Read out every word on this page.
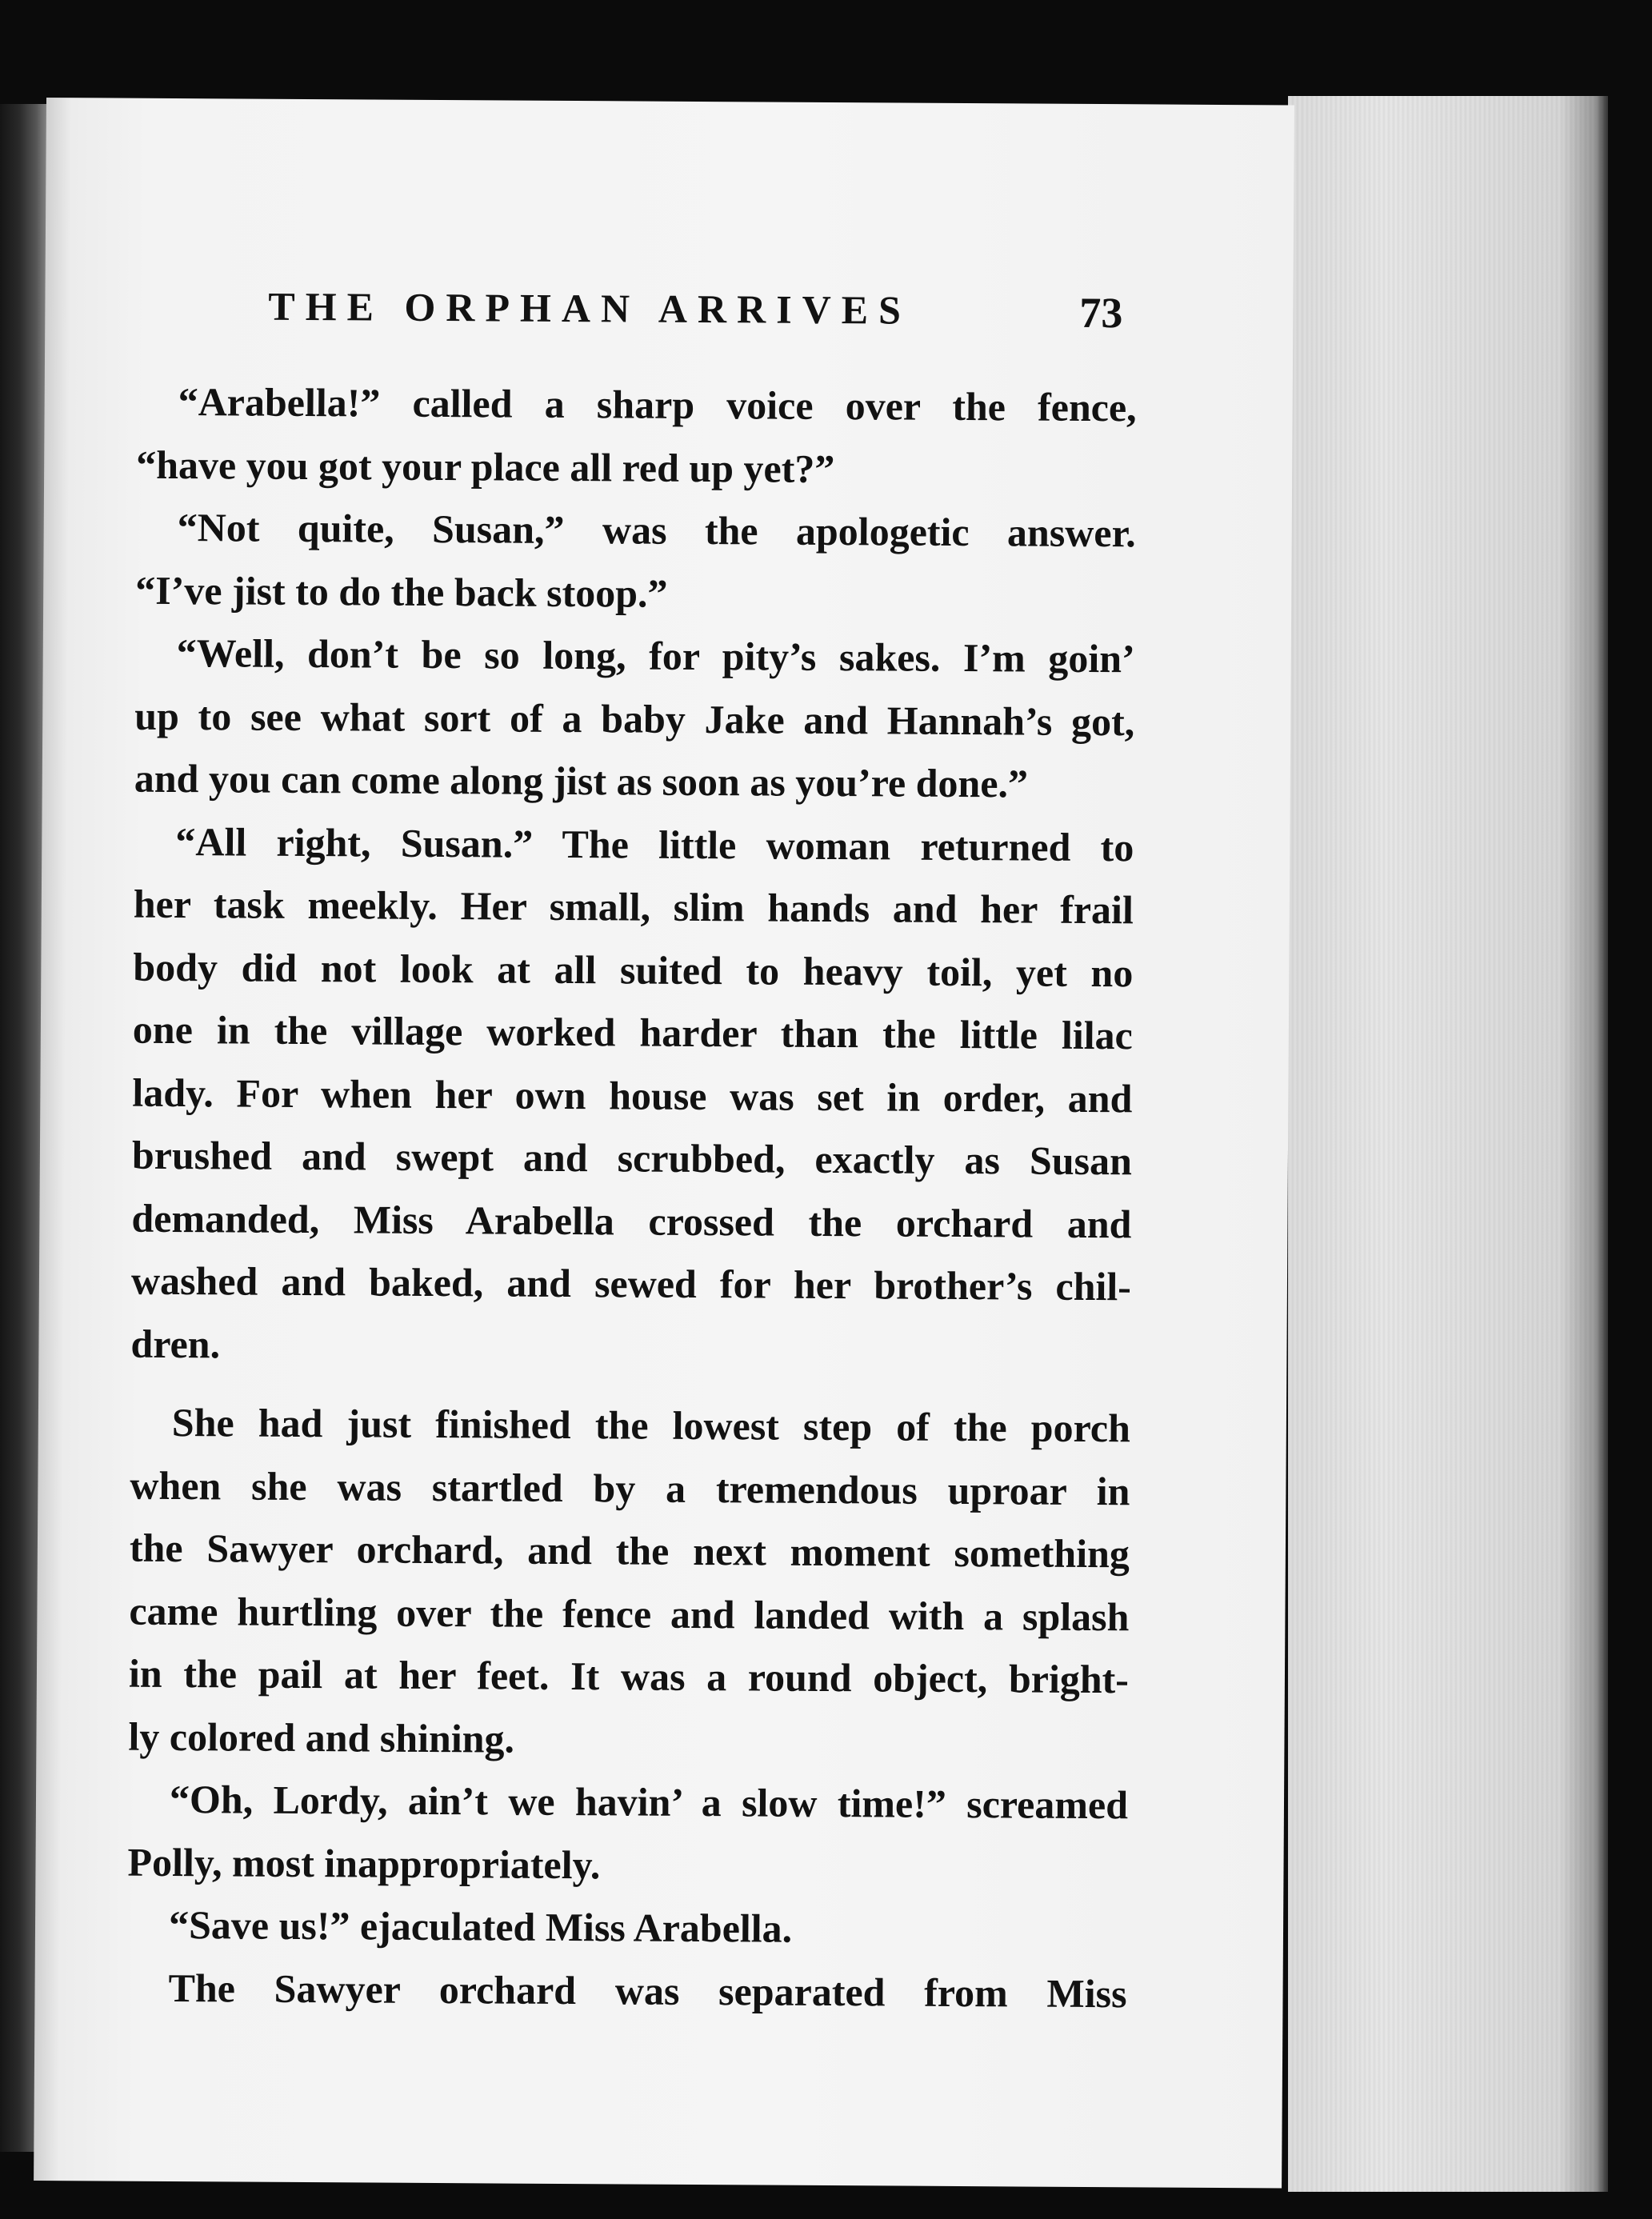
THE ORPHAN ARRIVES	73
“Arabella!” called a sharp voice over the fence,
“have you got your place all red up yet?”
“Not quite, Susan,” was the apologetic answer.
“I’ve jist to do the back stoop.”
“Well, don’t be so long, for pity’s sakes. I’m goin’
up to see what sort of a baby Jake and Hannah’s got,
and you can come along jist as soon as you’re done.”
“All right, Susan.” The little woman returned to
her task meekly. Her small, slim hands and her frail
body did not look at all suited to heavy toil, yet no
one in the village worked harder than the little lilac
lady. For when her own house was set in order, and
brushed and swept and scrubbed, exactly as Susan
demanded, Miss Arabella crossed the orchard and
washed and baked, and sewed for her brother’s chil-
dren.
She had just finished the lowest step of the porch
when she was startled by a tremendous uproar in
the Sawyer orchard, and the next moment something
came hurtling over the fence and landed with a splash
in the pail at her feet. It was a round object, bright-
ly colored and shining.
“Oh, Lordy, ain’t we havin’ a slow time!” screamed
Polly, most inappropriately.
“Save us!” ejaculated Miss Arabella.
The Sawyer orchard was separated from Miss
